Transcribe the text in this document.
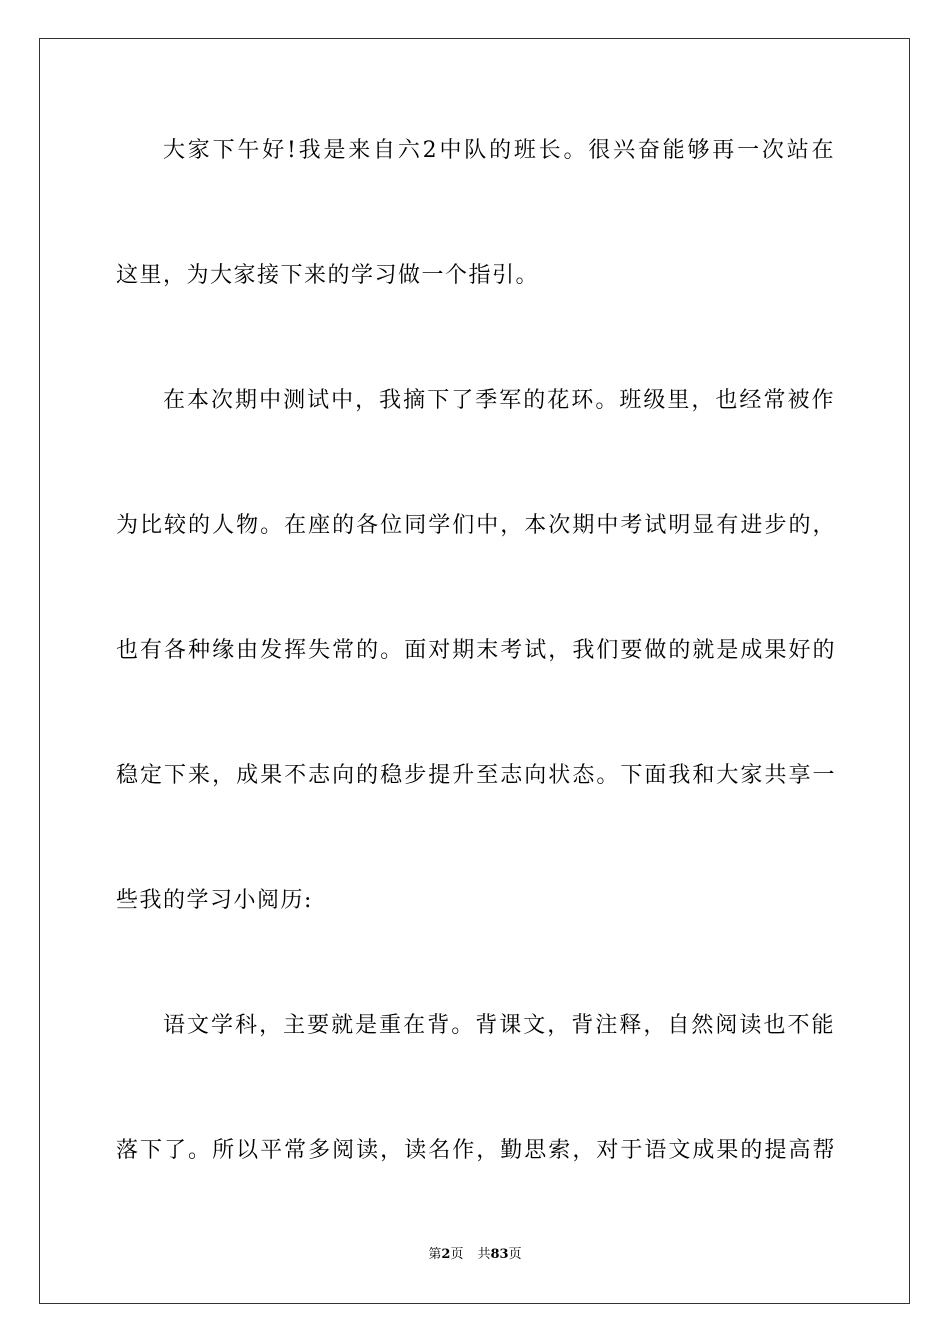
大家下午好!我是来自六2中队的班长。很兴奋能够再一次站在
这里，为大家接下来的学习做一个指引。
在本次期中测试中，我摘下了季军的花环。班级里，也经常被作
为比较的人物。在座的各位同学们中，本次期中考试明显有进步的，
也有各种缘由发挥失常的。面对期末考试，我们要做的就是成果好的
稳定下来，成果不志向的稳步提升至志向状态。下面我和大家共享一
些我的学习小阅历:
语文学科，主要就是重在背。背课文，背注释，自然阅读也不能
落下了。所以平常多阅读，读名作，勤思索，对于语文成果的提高帮
第2页 共83页
